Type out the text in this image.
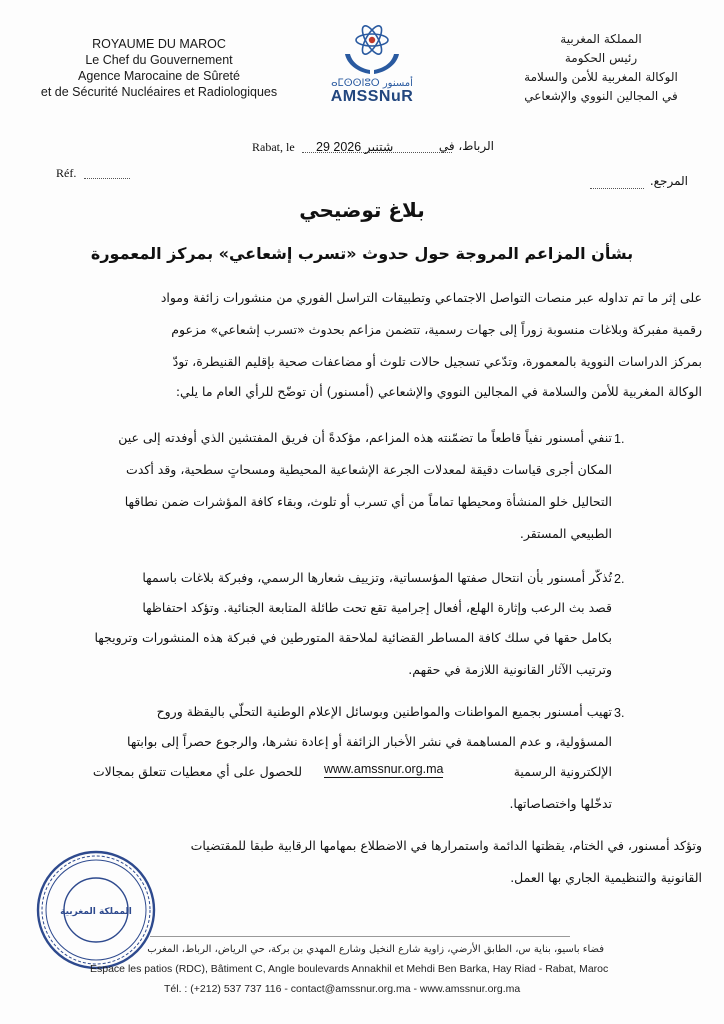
ROYAUME DU MAROC
Le Chef du Gouvernement
Agence Marocaine de Sûreté
et de Sécurité Nucléaires et Radiologiques
ⴰⵎⵙⵙⵏⵓⵔ أمسنور
AMSSNuR
المملكة المغربية
رئيس الحكومة
الوكالة المغربية للأمن والسلامة
في المجالين النووي والإشعاعي
Rabat, le 29 شتنبر 2026	الرباط، في
Réf.
المرجع.
بلاغ توضيحي
بشأن المزاعم المروجة حول حدوث «تسرب إشعاعي» بمركز المعمورة
على إثر ما تم تداوله عبر منصات التواصل الاجتماعي وتطبيقات التراسل الفوري من منشورات زائفة ومواد
رقمية مفبركة وبلاغات منسوبة زوراً إلى جهات رسمية، تتضمن مزاعم بحدوث «تسرب إشعاعي» مزعوم
بمركز الدراسات النووية بالمعمورة، وتدّعي تسجيل حالات تلوث أو مضاعفات صحية بإقليم القنيطرة، تودّ
الوكالة المغربية للأمن والسلامة في المجالين النووي والإشعاعي (أمسنور) أن توضّح للرأي العام ما يلي:
1.
تنفي أمسنور نفياً قاطعاً ما تضمّنته هذه المزاعم، مؤكدةً أن فريق المفتشين الذي أوفدته إلى عين
المكان أجرى قياسات دقيقة لمعدلات الجرعة الإشعاعية المحيطية ومسحاتٍ سطحية، وقد أكدت
التحاليل خلو المنشأة ومحيطها تماماً من أي تسرب أو تلوث، وبقاء كافة المؤشرات ضمن نطاقها
الطبيعي المستقر.
2.
تُذكّر أمسنور بأن انتحال صفتها المؤسساتية، وتزييف شعارها الرسمي، وفبركة بلاغات باسمها
قصد بث الرعب وإثارة الهلع، أفعال إجرامية تقع تحت طائلة المتابعة الجنائية. وتؤكد احتفاظها
بكامل حقها في سلك كافة المساطر القضائية لملاحقة المتورطين في فبركة هذه المنشورات وترويجها
وترتيب الآثار القانونية اللازمة في حقهم.
3.
تهيب أمسنور بجميع المواطنات والمواطنين وبوسائل الإعلام الوطنية التحلّي باليقظة وروح
المسؤولية، و عدم المساهمة في نشر الأخبار الزائفة أو إعادة نشرها، والرجوع حصراً إلى بوابتها
الإلكترونية الرسمية
www.amssnur.org.ma
للحصول على أي معطيات تتعلق بمجالات
تدخّلها واختصاصاتها.
وتؤكد أمسنور، في الختام، يقظتها الدائمة واستمرارها في الاضطلاع بمهامها الرقابية طبقا للمقتضيات
القانونية والتنظيمية الجاري بها العمل.
المملكة المغربية
فضاء باسيو، بناية س، الطابق الأرضي، زاوية شارع النخيل وشارع المهدي بن بركة، حي الرياض، الرباط، المغرب
Espace les patios (RDC), Bâtiment C, Angle boulevards Annakhil et Mehdi Ben Barka, Hay Riad - Rabat, Maroc
Tél. : (+212) 537 737 116 - contact@amssnur.org.ma - www.amssnur.org.ma
